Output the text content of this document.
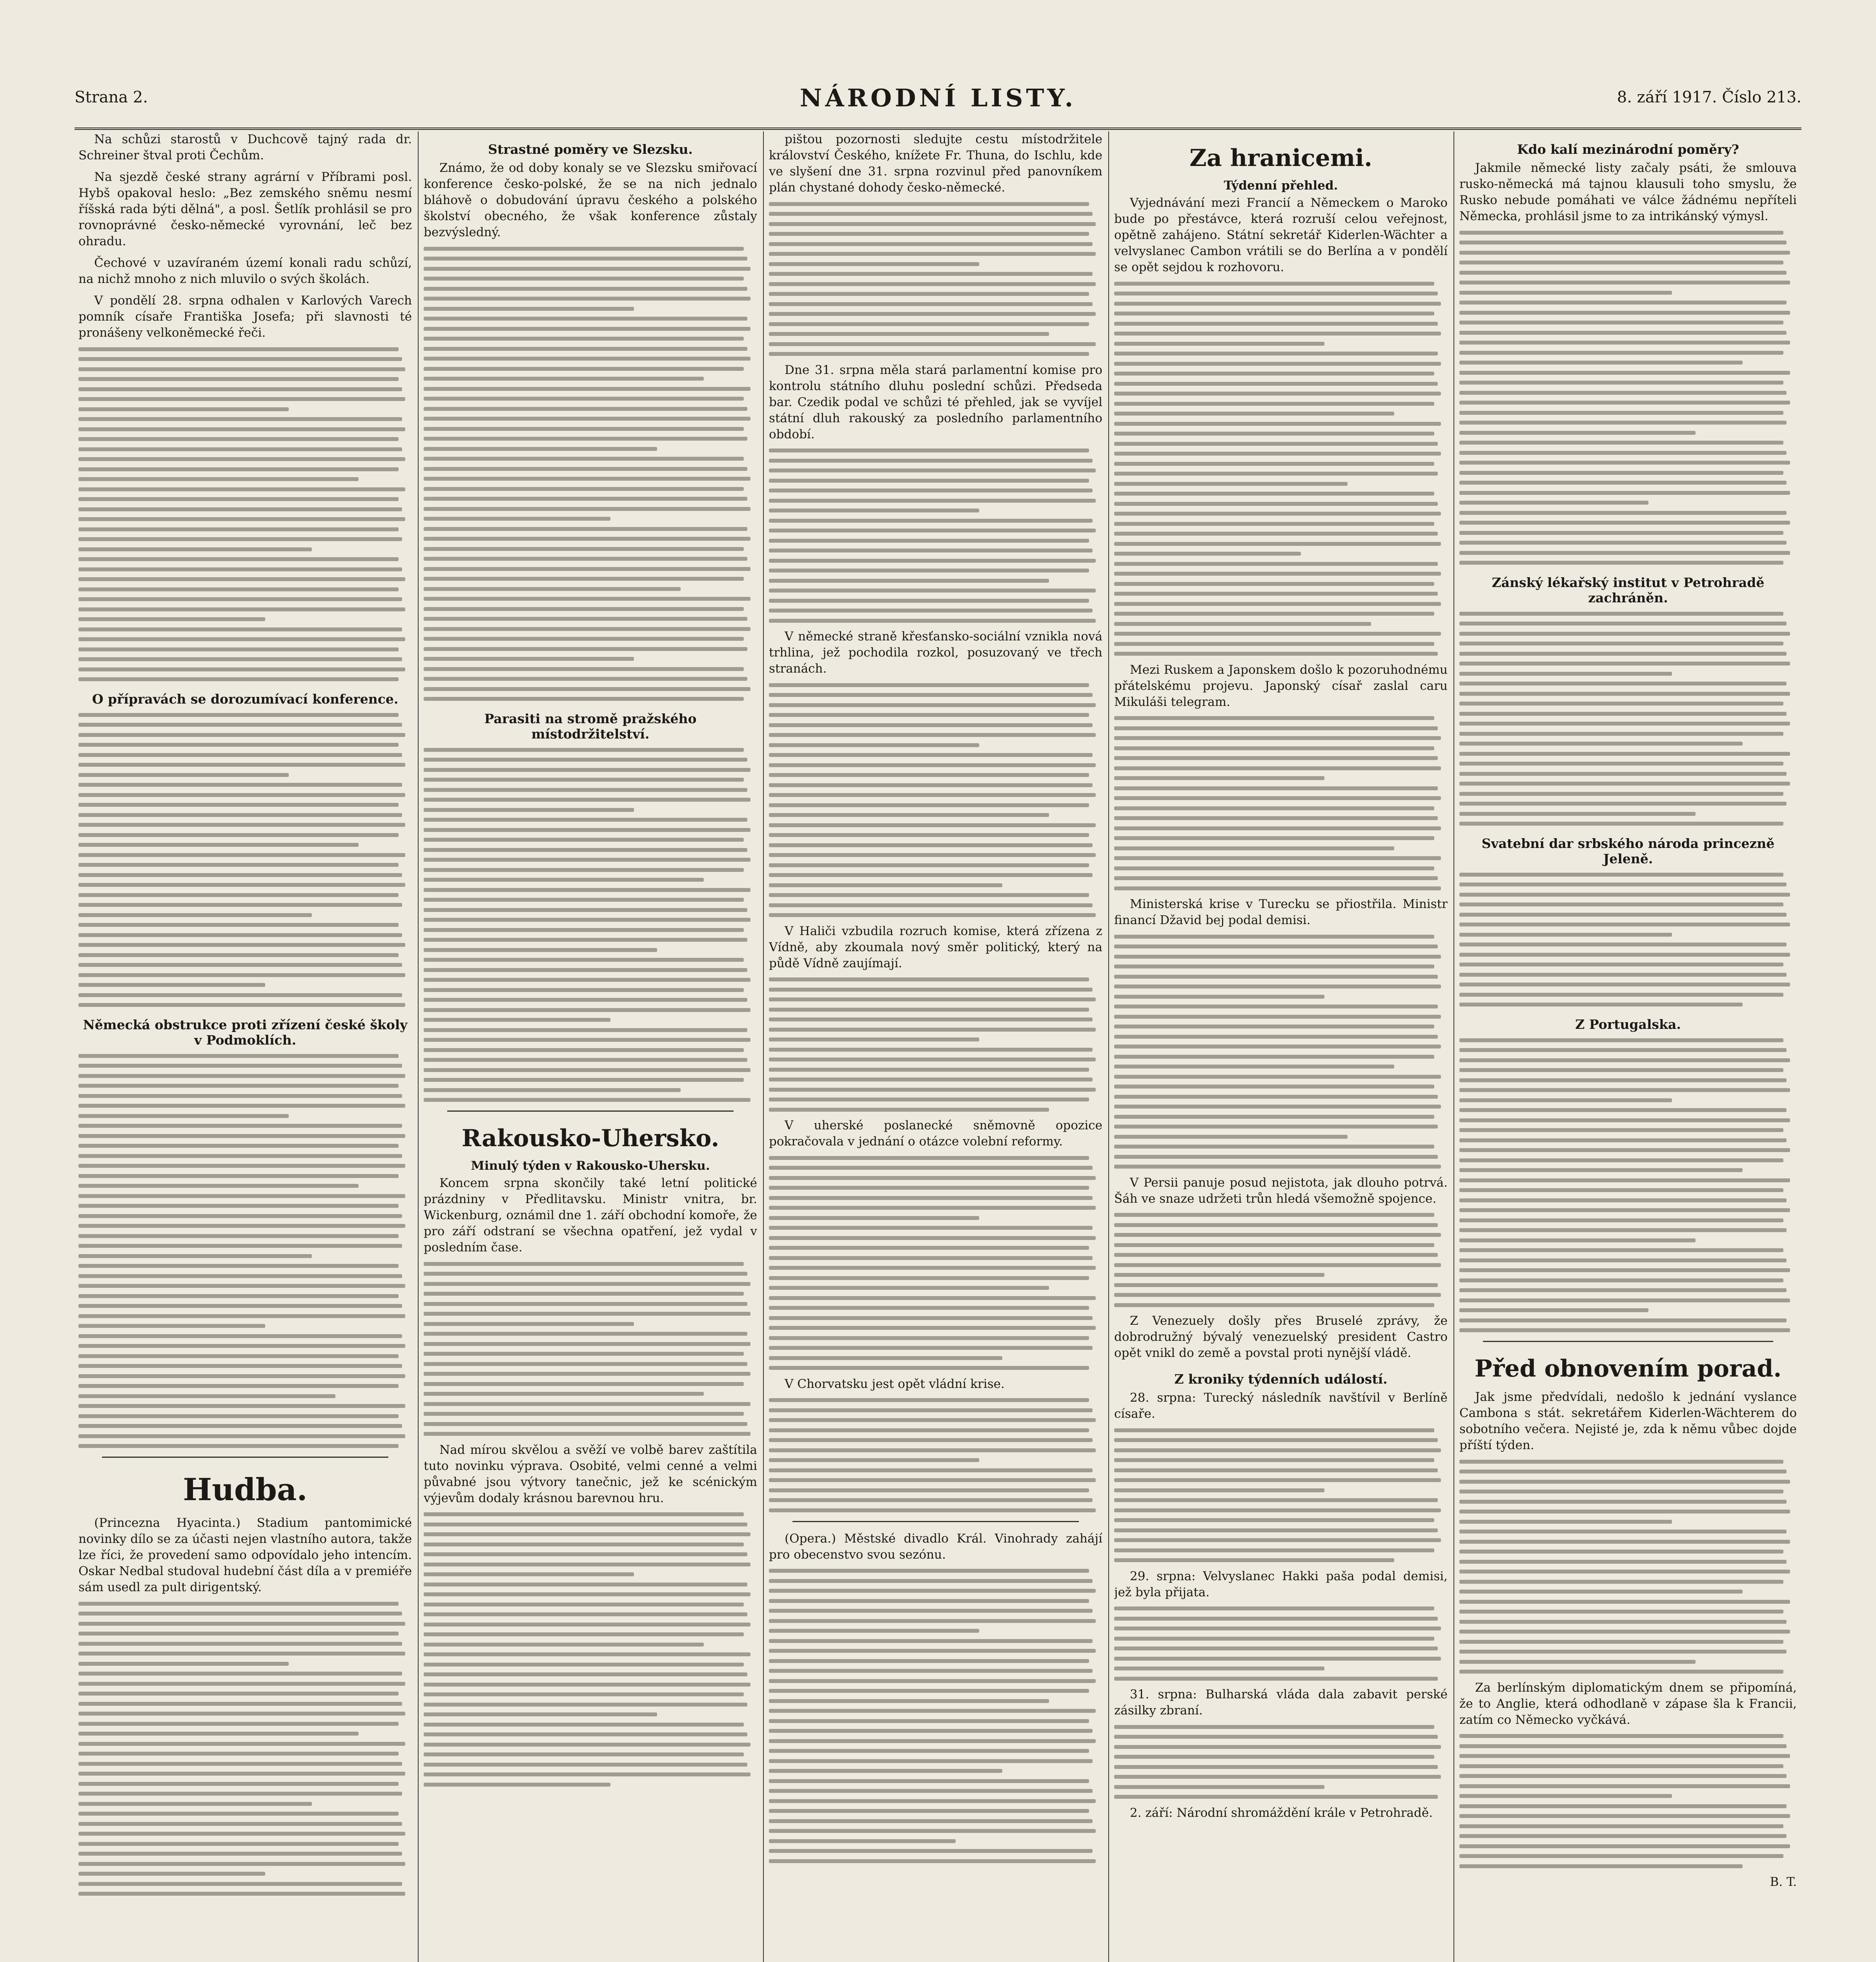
Strana 2.	NÁRODNÍ LISTY.	8. září 1917. Číslo 213.

Na schůzi starostů v Duchcově tajný rada dr. Schreiner štval proti Čechům.

Na sjezdě české strany agrární v Příbrami posl. Hybš opakoval heslo: „Bez zemského sněmu nesmí říšská rada býti dělná", a posl. Šetlík prohlásil se pro rovnoprávné česko-německé vyrovnání, leč bez ohradu.

Čechové v uzavíraném území konali radu schůzí, na nichž mnoho z nich mluvilo o svých školách.

V pondělí 28. srpna odhalen v Karlových Varech pomník císaře Františka Josefa; při slavnosti té pronášeny velkoněmecké řeči.

O přípravách se dorozumívací konference.
Německá obstrukce proti zřízení české školy v Podmoklích.
Hudba.

(Princezna Hyacinta.) Stadium pantomimické novinky dílo se za účasti nejen vlastního autora, takže lze říci, že provedení samo odpovídalo jeho intencím. Oskar Nedbal studoval hudební část díla a v premiéře sám usedl za pult dirigentský.

Strastné poměry ve Slezsku.

Známo, že od doby konaly se ve Slezsku smiřovací konference česko-polské, že se na nich jednalo bláhově o dobudování úpravu českého a polského školství obecného, že však konference zůstaly bezvýsledný.

Parasiti na stromě pražského místodržitelství.
Rakousko-Uhersko.
Minulý týden v Rakousko-Uhersku.

Koncem srpna skončily také letní politické prázdniny v Předlitavsku. Ministr vnitra, br. Wickenburg, oznámil dne 1. září obchodní komoře, že pro září odstraní se všechna opatření, jež vydal v posledním čase.

Nad mírou skvělou a svěží ve volbě barev zaštítila tuto novinku výprava. Osobité, velmi cenné a velmi půvabné jsou výtvory tanečnic, jež ke scénickým výjevům dodaly krásnou barevnou hru.

pištou pozornosti sledujte cestu místodržitele království Českého, knížete Fr. Thuna, do Ischlu, kde ve slyšení dne 31. srpna rozvinul před panovníkem plán chystané dohody česko-německé.

Dne 31. srpna měla stará parlamentní komise pro kontrolu státního dluhu poslední schůzi. Předseda bar. Czedik podal ve schůzi té přehled, jak se vyvíjel státní dluh rakouský za posledního parlamentního období.

V německé straně křesťansko-sociální vznikla nová trhlina, jež pochodila rozkol, posuzovaný ve třech stranách.

V Haliči vzbudila rozruch komise, která zřízena z Vídně, aby zkoumala nový směr politický, který na půdě Vídně zaujímají.

V uherské poslanecké sněmovně opozice pokračovala v jednání o otázce volební reformy.

V Chorvatsku jest opět vládní krise.

(Opera.) Městské divadlo Král. Vinohrady zahájí pro obecenstvo svou sezónu.

Za hranicemi.
Týdenní přehled.

Vyjednávání mezi Francií a Německem o Maroko bude po přestávce, která rozruší celou veřejnost, opětně zahájeno. Státní sekretář Kiderlen-Wächter a velvyslanec Cambon vrátili se do Berlína a v pondělí se opět sejdou k rozhovoru.

Mezi Ruskem a Japonskem došlo k pozoruhodnému přátelskému projevu. Japonský císař zaslal caru Mikuláši telegram.

Ministerská krise v Turecku se přiostřila. Ministr financí Džavid bej podal demisi.

V Persii panuje posud nejistota, jak dlouho potrvá. Šáh ve snaze udržeti trůn hledá všemožně spojence.

Z Venezuely došly přes Bruselé zprávy, že dobrodružný bývalý venezuelský president Castro opět vnikl do země a povstal proti nynější vládě.

Z kroniky týdenních událostí.

28. srpna: Turecký následník navštívil v Berlíně císaře.

29. srpna: Velvyslanec Hakki paša podal demisi, jež byla přijata.

31. srpna: Bulharská vláda dala zabavit perské zásilky zbraní.

2. září: Národní shromáždění krále v Petrohradě.

Kdo kalí mezinárodní poměry?

Jakmile německé listy začaly psáti, že smlouva rusko-německá má tajnou klausuli toho smyslu, že Rusko nebude pomáhati ve válce žádnému nepříteli Německa, prohlásil jsme to za intrikánský výmysl.

Zánský lékařský institut v Petrohradě zachráněn.
Svatební dar srbského národa princezně Jeleně.
Z Portugalska.
Před obnovením porad.

Jak jsme předvídali, nedošlo k jednání vyslance Cambona s stát. sekretářem Kiderlen-Wächterem do sobotního večera. Nejisté je, zda k němu vůbec dojde příští týden.

Za berlínským diplomatickým dnem se připomíná, že to Anglie, která odhodlaně v zápase šla k Francii, zatím co Německo vyčkává.

B. T.
